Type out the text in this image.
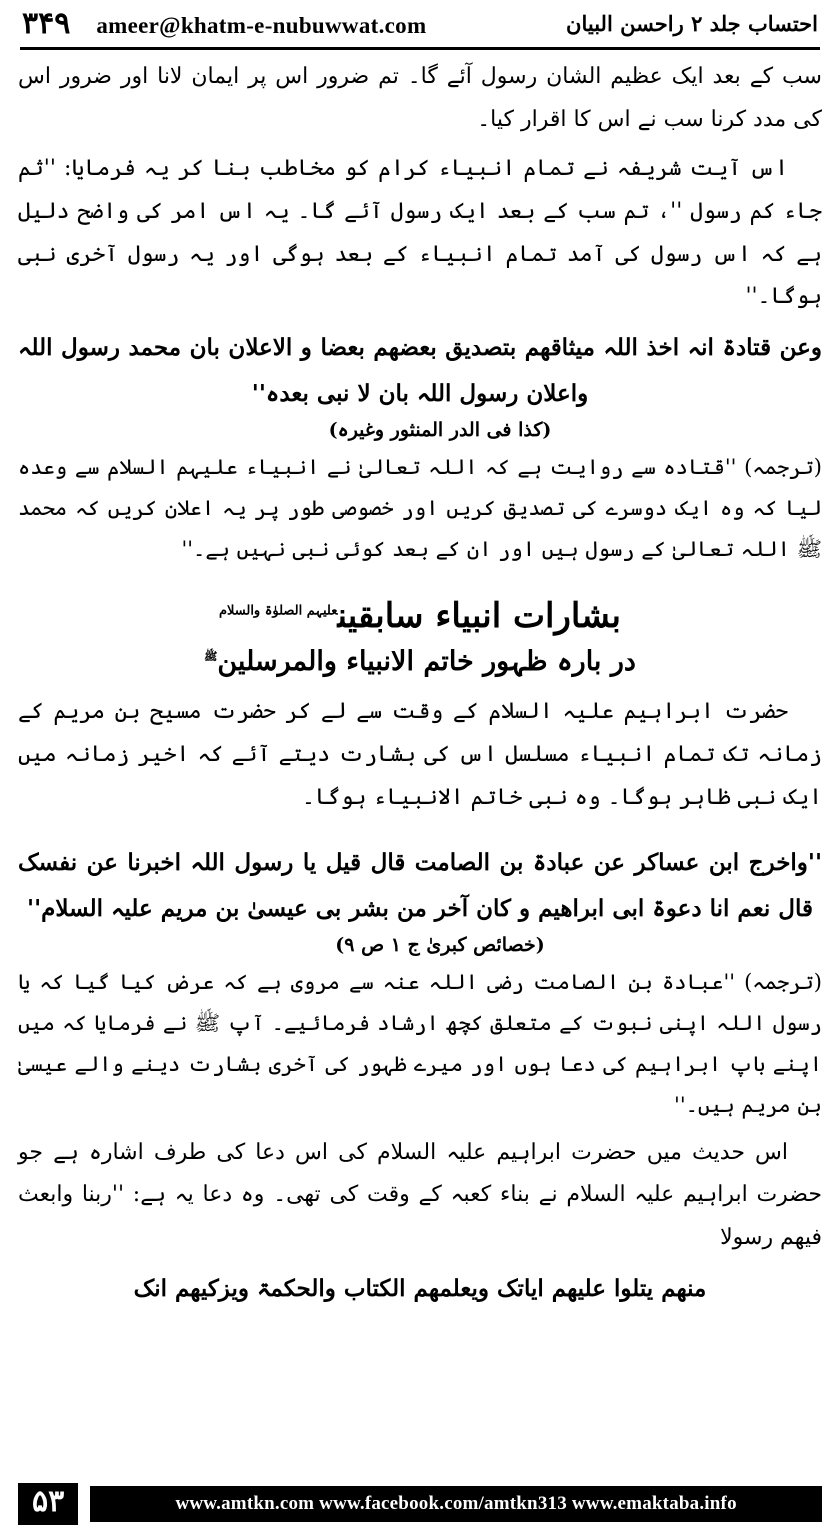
احتساب جلد ۲ راحسن البیان
۳۴۹ ameer@khatm-e-nubuwwat.com

سب کے بعد ایک عظیم الشان رسول آئے گا۔ تم ضرور اس پر ایمان لانا اور ضرور اس کی مدد کرنا سب نے اس کا اقرار کیا۔

اس آیت شریفہ نے تمام انبیاء کرام کو مخاطب بنا کر یہ فرمایا: ''ثم جاء کم رسول ''، تم سب کے بعد ایک رسول آئے گا۔ یہ اس امر کی واضح دلیل ہے کہ اس رسول کی آمد تمام انبیاء کے بعد ہوگی اور یہ رسول آخری نبی ہوگا۔''

وعن قتادۃ انہ اخذ اللہ میثاقھم بتصدیق بعضھم بعضا و الاعلان بان محمد رسول اللہ واعلان رسول اللہ بان لا نبی بعدہ''

(کذا فی الدر المنثور وغیرہ)

(ترجمہ) ''قتادہ سے روایت ہے کہ اللہ تعالیٰ نے انبیاء علیہم السلام سے وعدہ لیا کہ وہ ایک دوسرے کی تصدیق کریں اور خصوصی طور پر یہ اعلان کریں کہ محمد ﷺ اللہ تعالیٰ کے رسول ہیں اور ان کے بعد کوئی نبی نہیں ہے۔''

بشارات انبیاء سابقین$^{علیہم الصلوٰۃ والسلام}$
در بارہ ظہور خاتم الانبیاء والمرسلین$^ﷺ$

حضرت ابراہیم علیہ السلام کے وقت سے لے کر حضرت مسیح بن مریم کے زمانہ تک تمام انبیاء مسلسل اس کی بشارت دیتے آئے کہ اخیر زمانہ میں ایک نبی ظاہر ہوگا۔ وہ نبی خاتم الانبیاء ہوگا۔

''واخرج ابن عساکر عن عبادۃ بن الصامت قال قیل یا رسول اللہ اخبرنا عن نفسک قال نعم انا دعوۃ ابی ابراھیم و کان آخر من بشر بی عیسیٰ بن مریم علیہ السلام''

(خصائص کبریٰ ج ۱ ص ۹)

(ترجمہ) ''عبادۃ بن الصامت رضی اللہ عنہ سے مروی ہے کہ عرض کیا گیا کہ یا رسول اللہ اپنی نبوت کے متعلق کچھ ارشاد فرمائیے۔ آپ ﷺ نے فرمایا کہ میں اپنے باپ ابراہیم کی دعا ہوں اور میرے ظہور کی آخری بشارت دینے والے عیسیٰ بن مریم ہیں۔''

اس حدیث میں حضرت ابراہیم علیہ السلام کی اس دعا کی طرف اشارہ ہے جو حضرت ابراہیم علیہ السلام نے بناء کعبہ کے وقت کی تھی۔ وہ دعا یہ ہے: ''ربنا وابعث فیھم رسولا

منھم یتلوا علیھم ایاتک ویعلمھم الکتاب والحکمۃ ویزکیھم انک

۵۳	www.amtkn.com www.facebook.com/amtkn313 www.emaktaba.info
